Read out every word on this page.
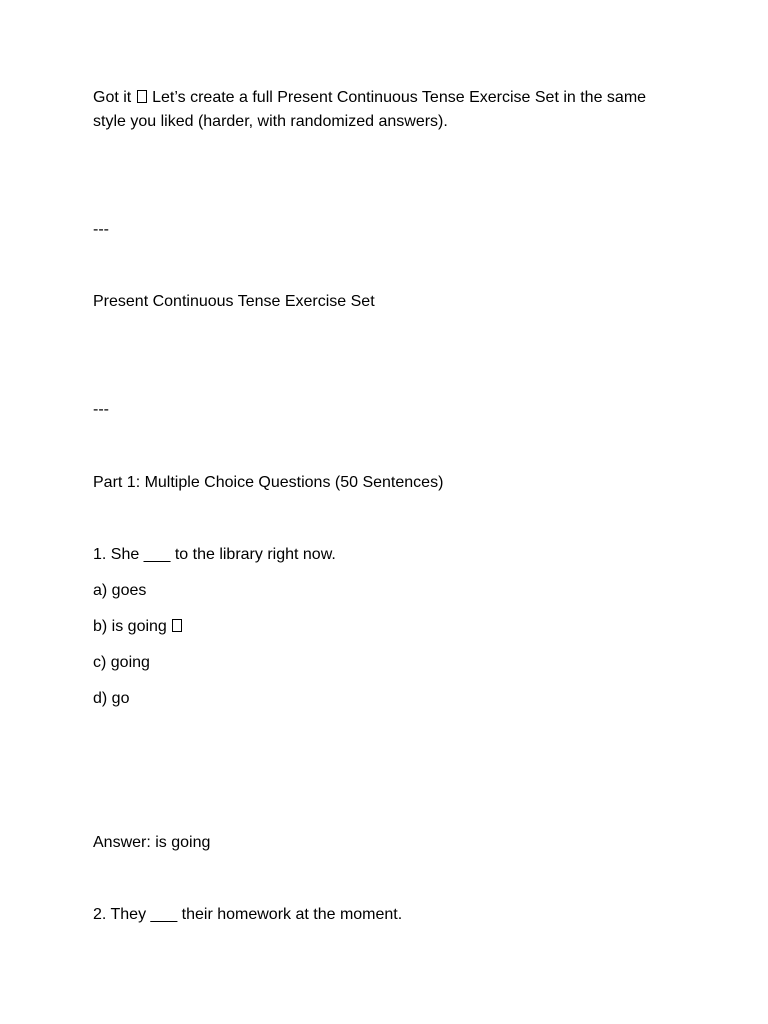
Got it  Let’s create a full Present Continuous Tense Exercise Set in the same style you liked (harder, with randomized answers).
---
Present Continuous Tense Exercise Set
---
Part 1: Multiple Choice Questions (50 Sentences)
1. She ___ to the library right now.
a) goes
b) is going
c) going
d) go
Answer: is going
2. They ___ their homework at the moment.
